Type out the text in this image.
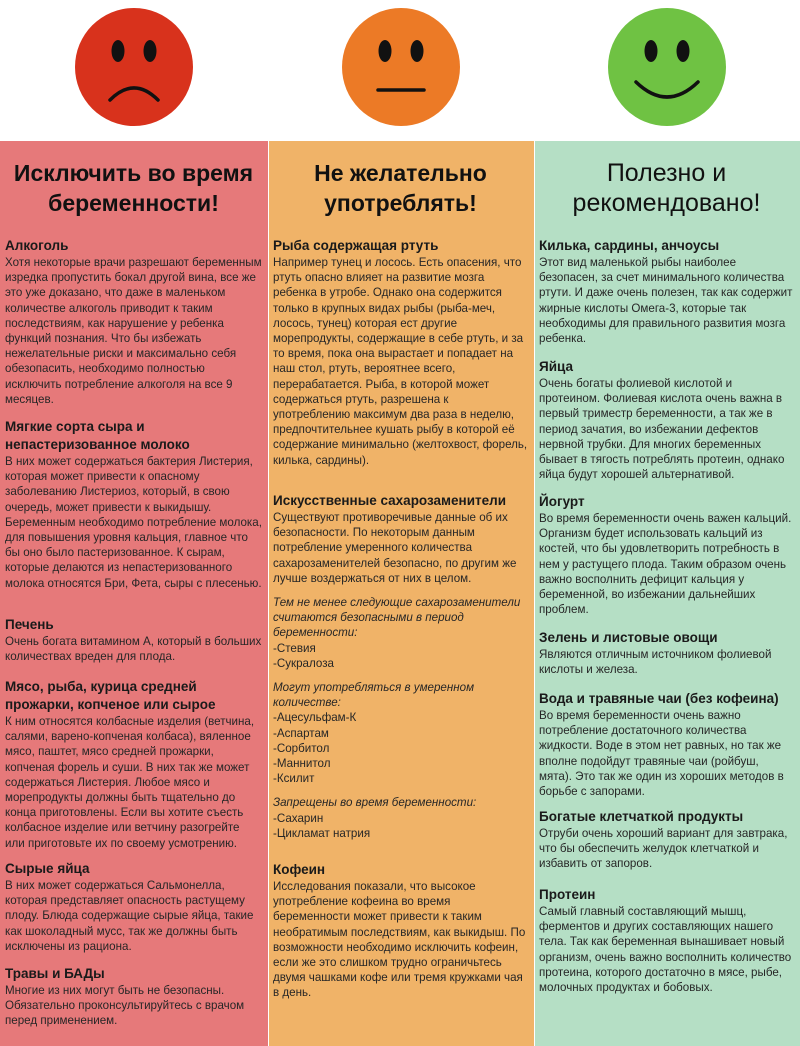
Исключить во время беременности!
Алкоголь
Хотя некоторые врачи разрешают беременным изредка пропустить бокал другой вина, все же это уже доказано, что даже в маленьком количестве алкоголь приводит к таким последствиям, как нарушение у ребенка функций познания. Что бы избежать нежелательные риски и максимально себя обезопасить, необходимо полностью исключить потребление алкоголя на все 9 месяцев.
Мягкие сорта сыра и непастеризованное молоко
В них может содержаться бактерия Листерия, которая может привести к опасному заболеванию Листериоз, который, в свою очередь, может привести к выкидышу. Беременным необходимо потребление молока, для повышения уровня кальция, главное что бы оно было пастеризованное. К сырам, которые делаются из непастеризованного молока относятся Бри, Фета, сыры с плесенью.
Печень
Очень богата витамином А, который в больших количествах вреден для плода.
Мясо, рыба, курица средней прожарки, копченое или сырое
К ним относятся колбасные изделия (ветчина, салями, варено-копченая колбаса), вяленное мясо, паштет, мясо средней прожарки, копченая форель и суши. В них так же может содержаться Листерия. Любое мясо и морепродукты должны быть тщательно до конца приготовлены. Если вы хотите съесть колбасное изделие или ветчину разогрейте или приготовьте их по своему усмотрению.
Сырые яйца
В них может содержаться Сальмонелла, которая представляет опасность растущему плоду. Блюда содержащие сырые яйца, такие как шоколадный мусс, так же должны быть исключены из рациона.
Травы и БАДы
Многие из них могут быть не безопасны. Обязательно проконсультируйтесь с врачом перед применением.
Не желательно употреблять!
Рыба содержащая ртуть
Например тунец и лосось. Есть опасения, что ртуть опасно влияет на развитие мозга ребенка в утробе. Однако она содержится только в крупных видах рыбы (рыба-меч, лосось, тунец) которая ест другие морепродукты, содержащие в себе ртуть, и за то время, пока она вырастает и попадает на наш стол, ртуть, вероятнее всего, перерабатается. Рыба, в которой может содержаться ртуть, разрешена к употреблению максимум два раза в неделю, предпочтительнее кушать рыбу в которой её содержание минимально (желтохвост, форель, килька, сардины).
Искусственные сахарозаменители
Существуют противоречивые данные об их безопасности. По некоторым данным потребление умеренного количества сахарозаменителей безопасно, по другим же лучше воздержаться от них в целом.
Тем не менее следующие сахарозаменители считаются безопасными в период беременности:
-Стевия
-Сукралоза
Могут употребляться в умеренном количестве:
-Ацесульфам-К
-Аспартам
-Сорбитол
-Маннитол
-Ксилит
Запрещены во время беременности:
-Сахарин
-Цикламат натрия
Кофеин
Исследования показали, что высокое употребление кофеина во время беременности может привести к таким необратимым последствиям, как выкидыш. По возможности необходимо исключить кофеин, если же это слишком трудно ограничьтесь двумя чашками кофе или тремя кружками чая в день.
Полезно и рекомендовано!
Килька, сардины, анчоусы
Этот вид маленькой рыбы наиболее безопасен, за счет минимального количества ртути. И даже очень полезен, так как содержит жирные кислоты Омега-3, которые так необходимы для правильного развития мозга ребенка.
Яйца
Очень богаты фолиевой кислотой и протеином. Фолиевая кислота очень важна в первый триместр беременности, а так же в период зачатия, во избежании дефектов нервной трубки. Для многих беременных бывает в тягость потреблять протеин, однако яйца будут хорошей альтернативой.
Йогурт
Во время беременности очень важен кальций. Организм будет использовать кальций из костей, что бы удовлетворить потребность в нем у растущего плода. Таким образом очень важно восполнить дефицит кальция у беременной, во избежании дальнейших проблем.
Зелень и листовые овощи
Являются отличным источником фолиевой кислоты и железа.
Вода и травяные чаи (без кофеина)
Во время беременности очень важно потребление достаточного количества жидкости. Воде в этом нет равных, но так же вполне подойдут травяные чаи (ройбуш, мята). Это так же один из хороших методов в борьбе с запорами.
Богатые клетчаткой продукты
Отруби очень хороший вариант для завтрака, что бы обеспечить желудок клетчаткой и избавить от запоров.
Протеин
Самый главный составляющий мышц, ферментов и других составляющих нашего тела. Так как беременная вынашивает новый организм, очень важно восполнить количество протеина, которого достаточно в мясе, рыбе, молочных продуктах и бобовых.
